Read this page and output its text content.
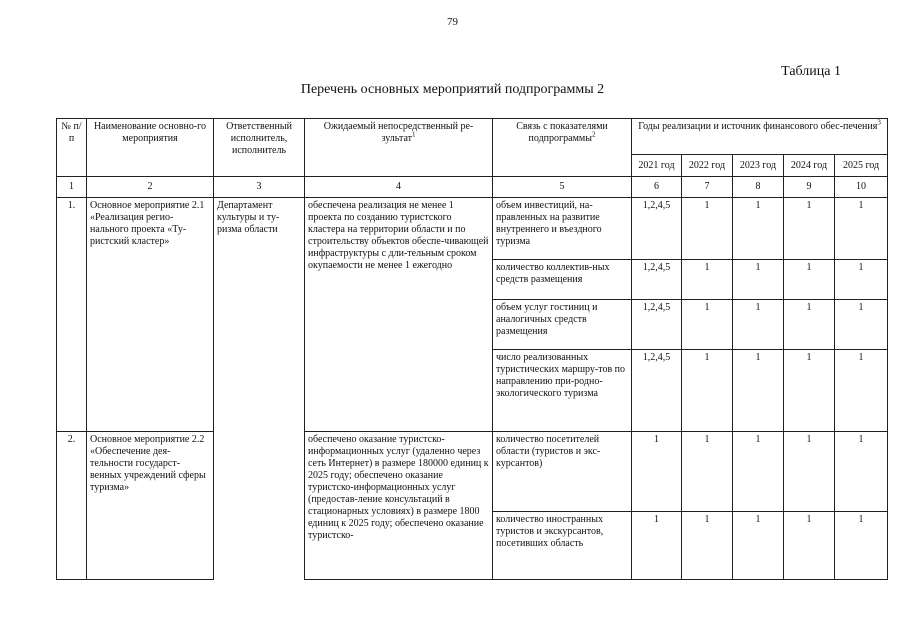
79
Таблица 1
Перечень основных мероприятий подпрограммы 2
№ п/п	Наименование основно-го мероприятия	Ответственный исполнитель, исполнитель	Ожидаемый непосредственный ре-зультат$^1$	Связь с показателями подпрограммы$^2$	Годы реализации и источник финансового обес-печения$^3$
					2021 год	2022 год	2023 год	2024 год	2025 год
1	2	3	4	5	6	7	8	9	10
1.	Основное мероприятие 2.1 «Реализация регио-нального проекта «Ту-ристский кластер»	Департамент культуры и ту-ризма области	обеспечена реализация не менее 1 проекта по созданию туристского кластера на территории области и по строительству объектов обеспе-чивающей инфраструктуры с дли-тельным сроком окупаемости не менее 1 ежегодно	объем инвестиций, на-правленных на развитие внутреннего и въездного туризма	1,2,4,5	1	1	1	1
				количество коллектив-ных средств размещения	1,2,4,5	1	1	1	1
				объем услуг гостиниц и аналогичных средств размещения	1,2,4,5	1	1	1	1
				число реализованных туристических маршру-тов по направлению при-родно-экологического туризма	1,2,4,5	1	1	1	1
2.	Основное мероприятие 2.2 «Обеспечение дея-тельности государст-венных учреждений сферы туризма»		обеспечено оказание туристско-информационных услуг (удаленно через сеть Интернет) в размере 180000 единиц к 2025 году; обеспечено оказание туристско-информационных услуг (предостав-ление консультаций в стационарных условиях) в размере 1800 единиц к 2025 году; обеспечено оказание туристско-	количество посетителей области (туристов и экс-курсантов)	1	1	1	1	1
				количество иностранных туристов и экскурсантов, посетивших область	1	1	1	1	1
